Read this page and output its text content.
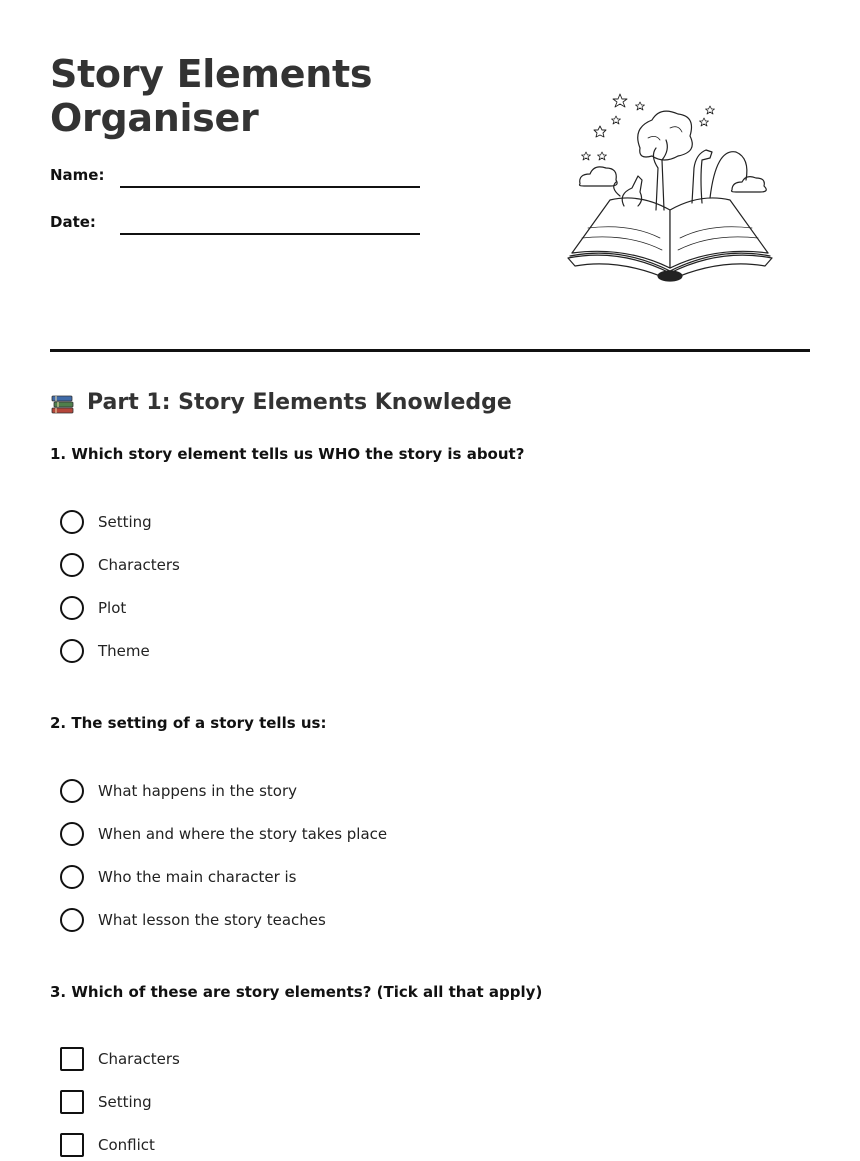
Story Elements
Organiser
Name:
Date:
Part 1: Story Elements Knowledge

1. Which story element tells us WHO the story is about?

Setting
Characters
Plot
Theme

2. The setting of a story tells us:

What happens in the story
When and where the story takes place
Who the main character is
What lesson the story teaches

3. Which of these are story elements? (Tick all that apply)

Characters
Setting
Conflict
